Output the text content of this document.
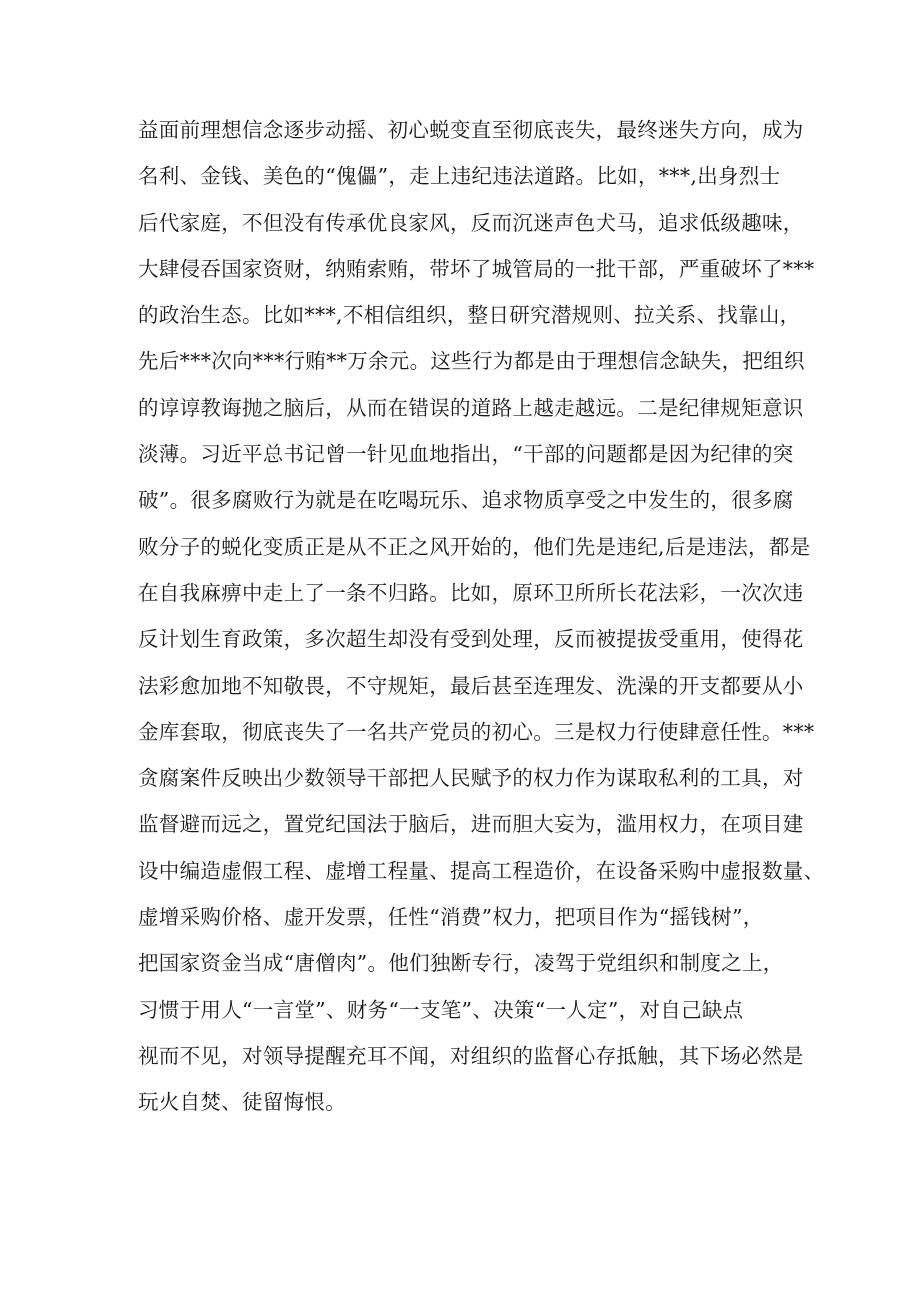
益面前理想信念逐步动摇、初心蜕变直至彻底丧失，最终迷失方向，成为
名利、金钱、美色的“傀儡”，走上违纪违法道路。比如，***,出身烈士
后代家庭，不但没有传承优良家风，反而沉迷声色犬马，追求低级趣味，
大肆侵吞国家资财，纳贿索贿，带坏了城管局的一批干部，严重破坏了***
的政治生态。比如***,不相信组织，整日研究潜规则、拉关系、找靠山，
先后***次向***行贿**万余元。这些行为都是由于理想信念缺失，把组织
的谆谆教诲抛之脑后，从而在错误的道路上越走越远。二是纪律规矩意识
淡薄。习近平总书记曾一针见血地指出，“干部的问题都是因为纪律的突
破”。很多腐败行为就是在吃喝玩乐、追求物质享受之中发生的，很多腐
败分子的蜕化变质正是从不正之风开始的，他们先是违纪,后是违法，都是
在自我麻痹中走上了一条不归路。比如，原环卫所所长花法彩，一次次违
反计划生育政策，多次超生却没有受到处理，反而被提拔受重用，使得花
法彩愈加地不知敬畏，不守规矩，最后甚至连理发、洗澡的开支都要从小
金库套取，彻底丧失了一名共产党员的初心。三是权力行使肆意任性。***
贪腐案件反映出少数领导干部把人民赋予的权力作为谋取私利的工具，对
监督避而远之，置党纪国法于脑后，进而胆大妄为，滥用权力，在项目建
设中编造虚假工程、虚增工程量、提高工程造价，在设备采购中虚报数量、
虚增采购价格、虚开发票，任性“消费”权力，把项目作为“摇钱树”，
把国家资金当成“唐僧肉”。他们独断专行，凌驾于党组织和制度之上，
习惯于用人“一言堂”、财务“一支笔”、决策“一人定”，对自己缺点
视而不见，对领导提醒充耳不闻，对组织的监督心存抵触，其下场必然是
玩火自焚、徒留悔恨。
